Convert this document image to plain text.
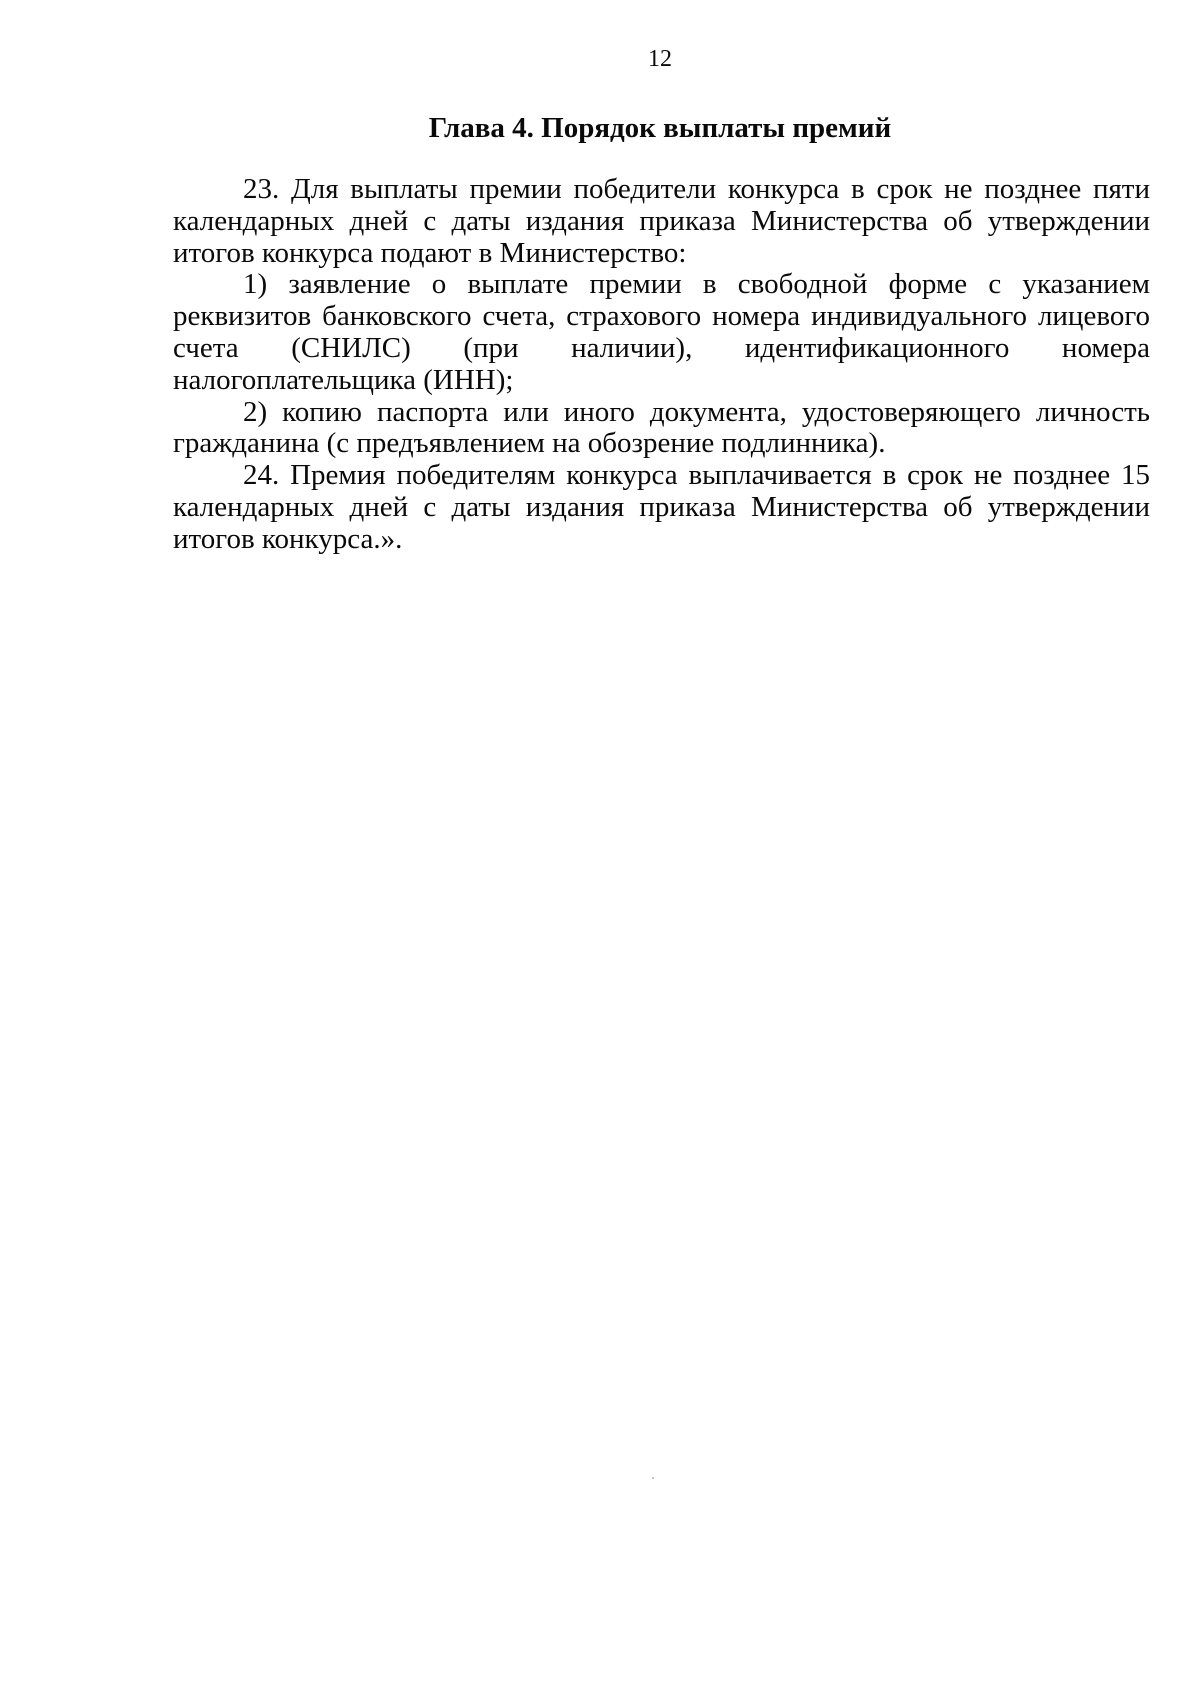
12
Глава 4. Порядок выплаты премий

23. Для выплаты премии победители конкурса в срок не позднее пяти календарных дней с даты издания приказа Министерства об утверждении итогов конкурса подают в Министерство:

1) заявление о выплате премии в свободной форме с указанием реквизитов банковского счета, страхового номера индивидуального лицевого счета (СНИЛС) (при наличии), идентификационного номера налогоплательщика (ИНН);

2) копию паспорта или иного документа, удостоверяющего личность гражданина (с предъявлением на обозрение подлинника).

24. Премия победителям конкурса выплачивается в срок не позднее 15 календарных дней с даты издания приказа Министерства об утверждении итогов конкурса.».
